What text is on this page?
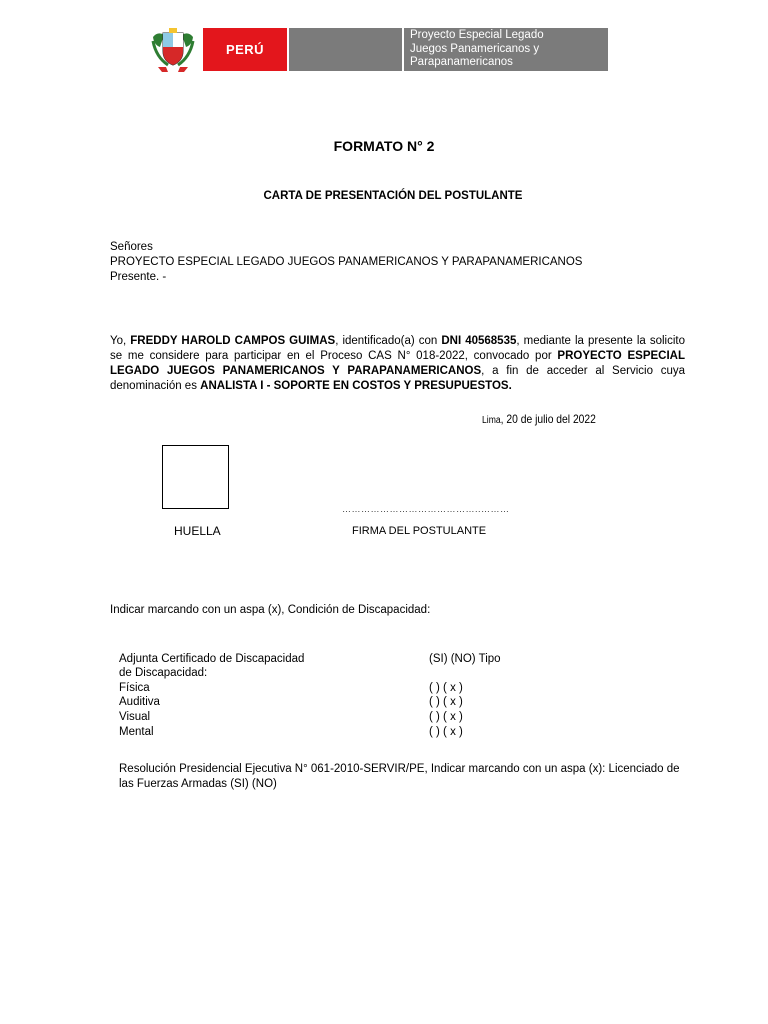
PERÚ
Proyecto Especial Legado
Juegos Panamericanos y
Parapanamericanos
FORMATO N° 2
CARTA DE PRESENTACIÓN DEL POSTULANTE
Señores
PROYECTO ESPECIAL LEGADO JUEGOS PANAMERICANOS Y PARAPANAMERICANOS
Presente. -
Yo, FREDDY HAROLD CAMPOS GUIMAS, identificado(a) con DNI 40568535, mediante la presente la solicito se me considere para participar en el Proceso CAS N° 018-2022, convocado por PROYECTO ESPECIAL LEGADO JUEGOS PANAMERICANOS Y PARAPANAMERICANOS, a fin de acceder al Servicio cuya denominación es ANALISTA I - SOPORTE EN COSTOS Y PRESUPUESTOS.
Lima, 20 de julio del 2022
……………………………………..………
HUELLA	FIRMA DEL POSTULANTE
Indicar marcando con un aspa (x), Condición de Discapacidad:
Adjunta Certificado de Discapacidad	(SI) (NO) Tipo
de Discapacidad:
Física	( ) ( x )
Auditiva	( ) ( x )
Visual	( ) ( x )
Mental	( ) ( x )
Resolución Presidencial Ejecutiva N° 061-2010-SERVIR/PE, Indicar marcando con un aspa (x): Licenciado de
las Fuerzas Armadas (SI) (NO)
